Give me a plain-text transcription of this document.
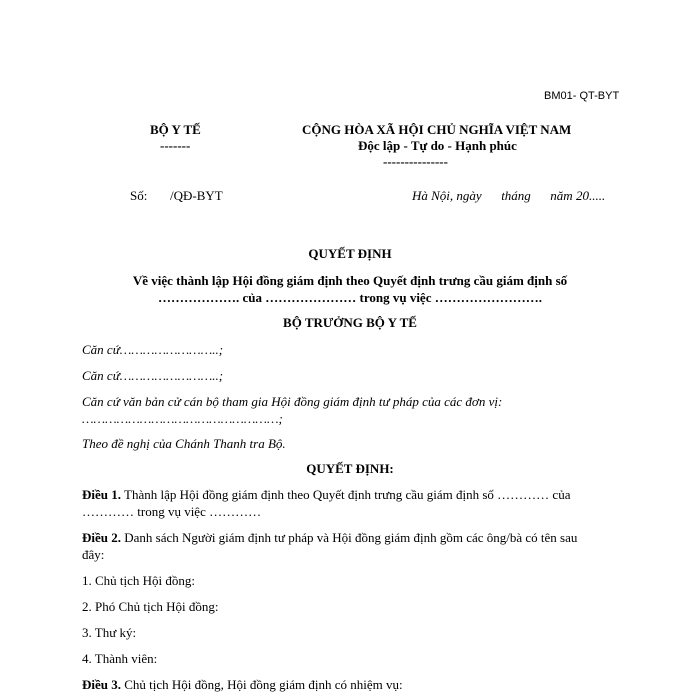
BM01- QT-BYT
BỘ Y TẾ
-------
CỘNG HÒA XÃ HỘI CHỦ NGHĨA VIỆT NAM
Độc lập - Tự do - Hạnh phúc
---------------
Số: /QĐ-BYT	Hà Nội, ngày      tháng      năm 20.....
QUYẾT ĐỊNH
Về việc thành lập Hội đồng giám định theo Quyết định trưng cầu giám định số
………………. của ………………… trong vụ việc …………………….
BỘ TRƯỞNG BỘ Y TẾ
Căn cứ……………………..;
Căn cứ……………………..;
Căn cứ văn bản cử cán bộ tham gia Hội đồng giám định tư pháp của các đơn vị:
……………………………………………;
Theo đề nghị của Chánh Thanh tra Bộ.
QUYẾT ĐỊNH:
Điều 1. Thành lập Hội đồng giám định theo Quyết định trưng cầu giám định số ………… của
………… trong vụ việc …………
Điều 2. Danh sách Người giám định tư pháp và Hội đồng giám định gồm các ông/bà có tên sau
đây:
1. Chủ tịch Hội đồng:
2. Phó Chủ tịch Hội đồng:
3. Thư ký:
4. Thành viên:
Điều 3. Chủ tịch Hội đồng, Hội đồng giám định có nhiệm vụ:
